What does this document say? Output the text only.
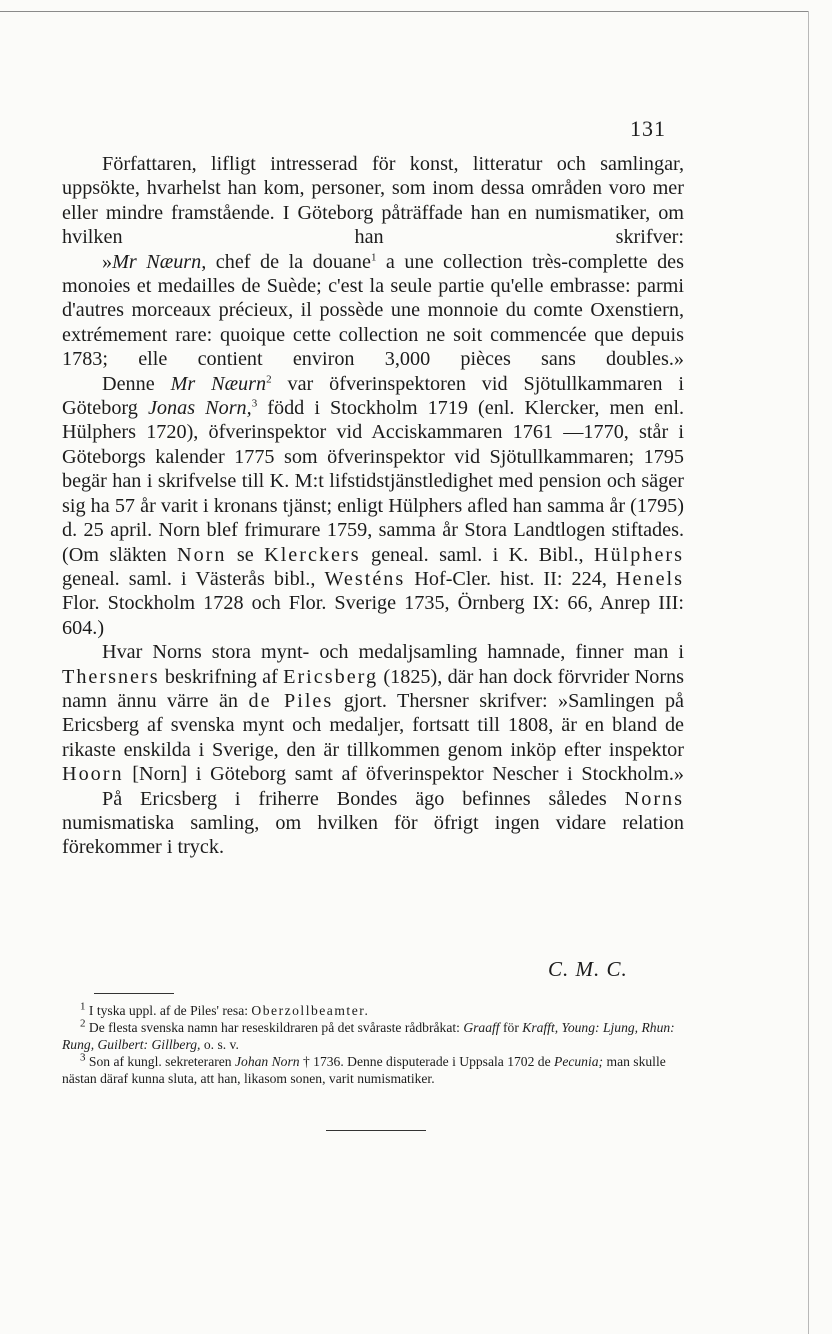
131

Författaren, lifligt intresserad för konst, litteratur och samlingar, uppsökte, hvarhelst han kom, personer, som inom dessa områden voro mer eller mindre framstående. I Göteborg påträffade han en numismatiker, om hvilken han skrifver:

»Mr Næurn, chef de la douane$^1$ a une collection très-complette des monoies et medailles de Suède; c'est la seule partie qu'elle embrasse: parmi d'autres morceaux précieux, il possède une monnoie du comte Oxenstiern, extrémement rare: quoique cette collection ne soit commencée que depuis 1783; elle contient environ 3,000 pièces sans doubles.»

Denne Mr Næurn$^2$ var öfverinspektoren vid Sjötullkammaren i Göteborg Jonas Norn,$^3$ född i Stockholm 1719 (enl. Klercker, men enl. Hülphers 1720), öfverinspektor vid Acciskammaren 1761 —1770, står i Göteborgs kalender 1775 som öfverinspektor vid Sjötullkammaren; 1795 begär han i skrifvelse till K. M:t lifstidstjänstledighet med pension och säger sig ha 57 år varit i kronans tjänst; enligt Hülphers afled han samma år (1795) d. 25 april. Norn blef frimurare 1759, samma år Stora Landtlogen stiftades. (Om släkten Norn se Klerckers geneal. saml. i K. Bibl., Hülphers geneal. saml. i Västerås bibl., Westéns Hof-Cler. hist. II: 224, Henels Flor. Stockholm 1728 och Flor. Sverige 1735, Örnberg IX: 66, Anrep III: 604.)

Hvar Norns stora mynt- och medaljsamling hamnade, finner man i Thersners beskrifning af Ericsberg (1825), där han dock förvrider Norns namn ännu värre än de Piles gjort. Thersner skrifver: »Samlingen på Ericsberg af svenska mynt och medaljer, fortsatt till 1808, är en bland de rikaste enskilda i Sverige, den är tillkommen genom inköp efter inspektor Hoorn [Norn] i Göteborg samt af öfverinspektor Nescher i Stockholm.»

På Ericsberg i friherre Bondes ägo befinnes således Norns numismatiska samling, om hvilken för öfrigt ingen vidare relation förekommer i tryck.

C. M. C.
$^1$ I tyska uppl. af de Piles' resa: Oberzollbeamter.
$^2$ De flesta svenska namn har reseskildraren på det svåraste rådbråkat: Graaff för Krafft, Young: Ljung, Rhun: Rung, Guilbert: Gillberg, o. s. v.
$^3$ Son af kungl. sekreteraren Johan Norn † 1736. Denne disputerade i Uppsala 1702 de Pecunia; man skulle nästan däraf kunna sluta, att han, likasom sonen, varit numismatiker.
